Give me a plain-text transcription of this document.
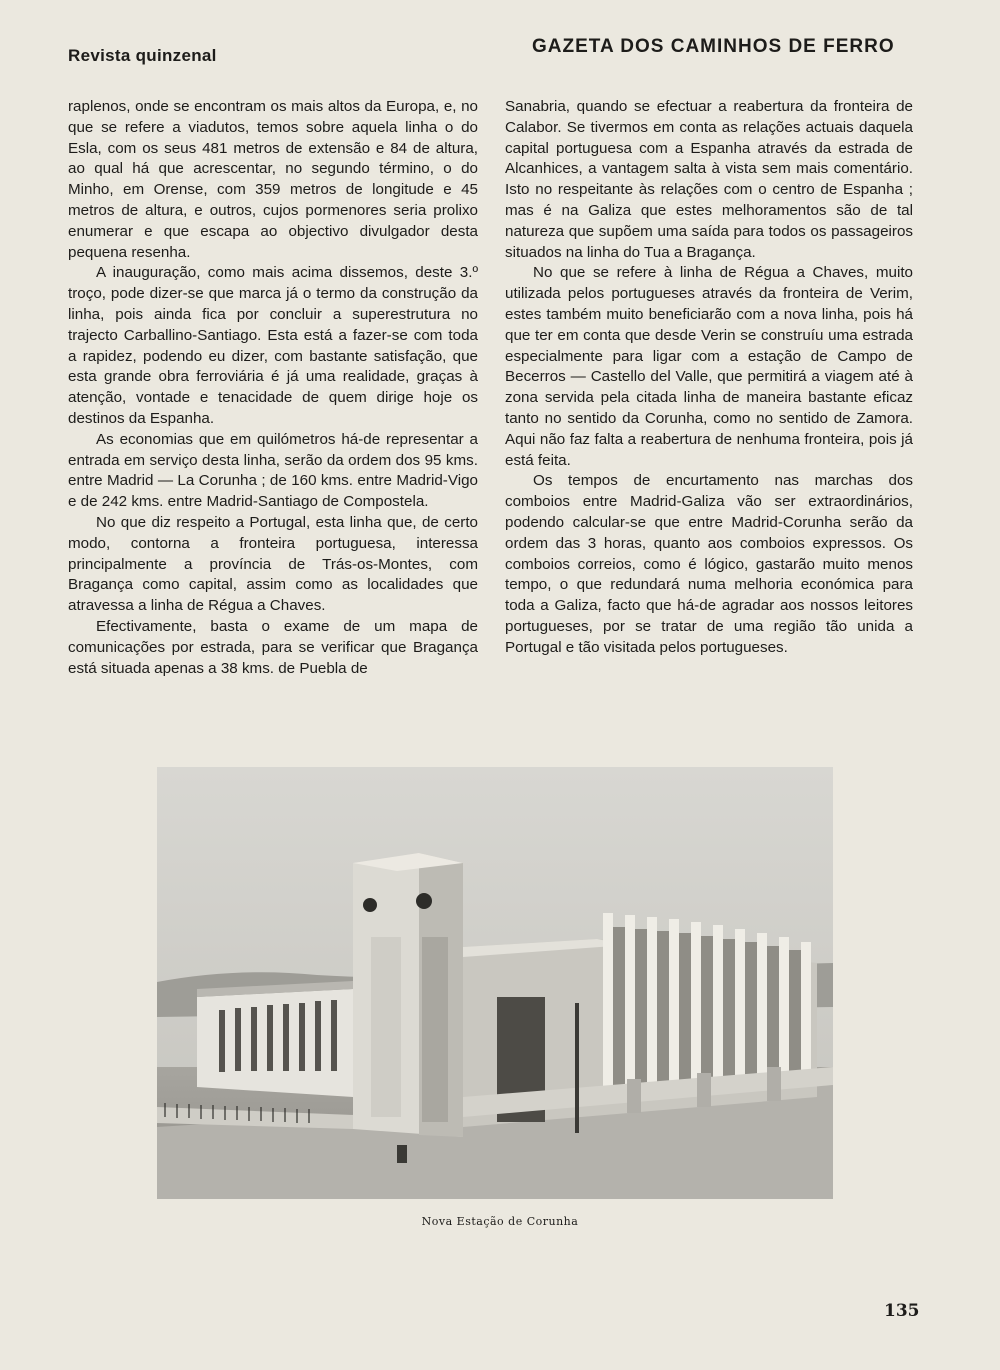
Revista quinzenal	GAZETA DOS CAMINHOS DE FERRO

raplenos, onde se encontram os mais altos da Europa, e, no que se refere a viadutos, temos sobre aquela linha o do Esla, com os seus 481 metros de extensão e 84 de altura, ao qual há que acrescentar, no segundo término, o do Minho, em Orense, com 359 metros de longitude e 45 metros de altura, e outros, cujos pormenores seria prolixo enumerar e que escapa ao objectivo divulgador desta pequena resenha.

A inauguração, como mais acima dissemos, deste 3.º troço, pode dizer-se que marca já o termo da construção da linha, pois ainda fica por concluir a superestrutura no trajecto Carballino-Santiago. Esta está a fazer-se com toda a rapidez, podendo eu dizer, com bastante satisfação, que esta grande obra ferroviária é já uma realidade, graças à atenção, vontade e tenacidade de quem dirige hoje os destinos da Espanha.

As economias que em quilómetros há-de representar a entrada em serviço desta linha, serão da ordem dos 95 kms. entre Madrid — La Corunha ; de 160 kms. entre Madrid-Vigo e de 242 kms. entre Madrid-Santiago de Compostela.

No que diz respeito a Portugal, esta linha que, de certo modo, contorna a fronteira portuguesa, interessa principalmente a província de Trás-os-Montes, com Bragança como capital, assim como as localidades que atravessa a linha de Régua a Chaves.

Efectivamente, basta o exame de um mapa de comunicações por estrada, para se verificar que Bragança está situada apenas a 38 kms. de Puebla de

Sanabria, quando se efectuar a reabertura da fronteira de Calabor. Se tivermos em conta as relações actuais daquela capital portuguesa com a Espanha através da estrada de Alcanhices, a vantagem salta à vista sem mais comentário. Isto no respeitante às relações com o centro de Espanha ; mas é na Galiza que estes melhoramentos são de tal natureza que supõem uma saída para todos os passageiros situados na linha do Tua a Bragança.

No que se refere à linha de Régua a Chaves, muito utilizada pelos portugueses através da fronteira de Verim, estes também muito beneficiarão com a nova linha, pois há que ter em conta que desde Verin se construíu uma estrada especialmente para ligar com a estação de Campo de Becerros — Castello del Valle, que permitirá a viagem até à zona servida pela citada linha de maneira bastante eficaz tanto no sentido da Corunha, como no sentido de Zamora. Aqui não faz falta a reabertura de nenhuma fronteira, pois já está feita.

Os tempos de encurtamento nas marchas dos comboios entre Madrid-Galiza vão ser extraordinários, podendo calcular-se que entre Madrid-Corunha serão da ordem das 3 horas, quanto aos comboios expressos. Os comboios correios, como é lógico, gastarão muito menos tempo, o que redundará numa melhoria económica para toda a Galiza, facto que há-de agradar aos nossos leitores portugueses, por se tratar de uma região tão unida a Portugal e tão visitada pelos portugueses.

Nova Estação de Corunha
135
